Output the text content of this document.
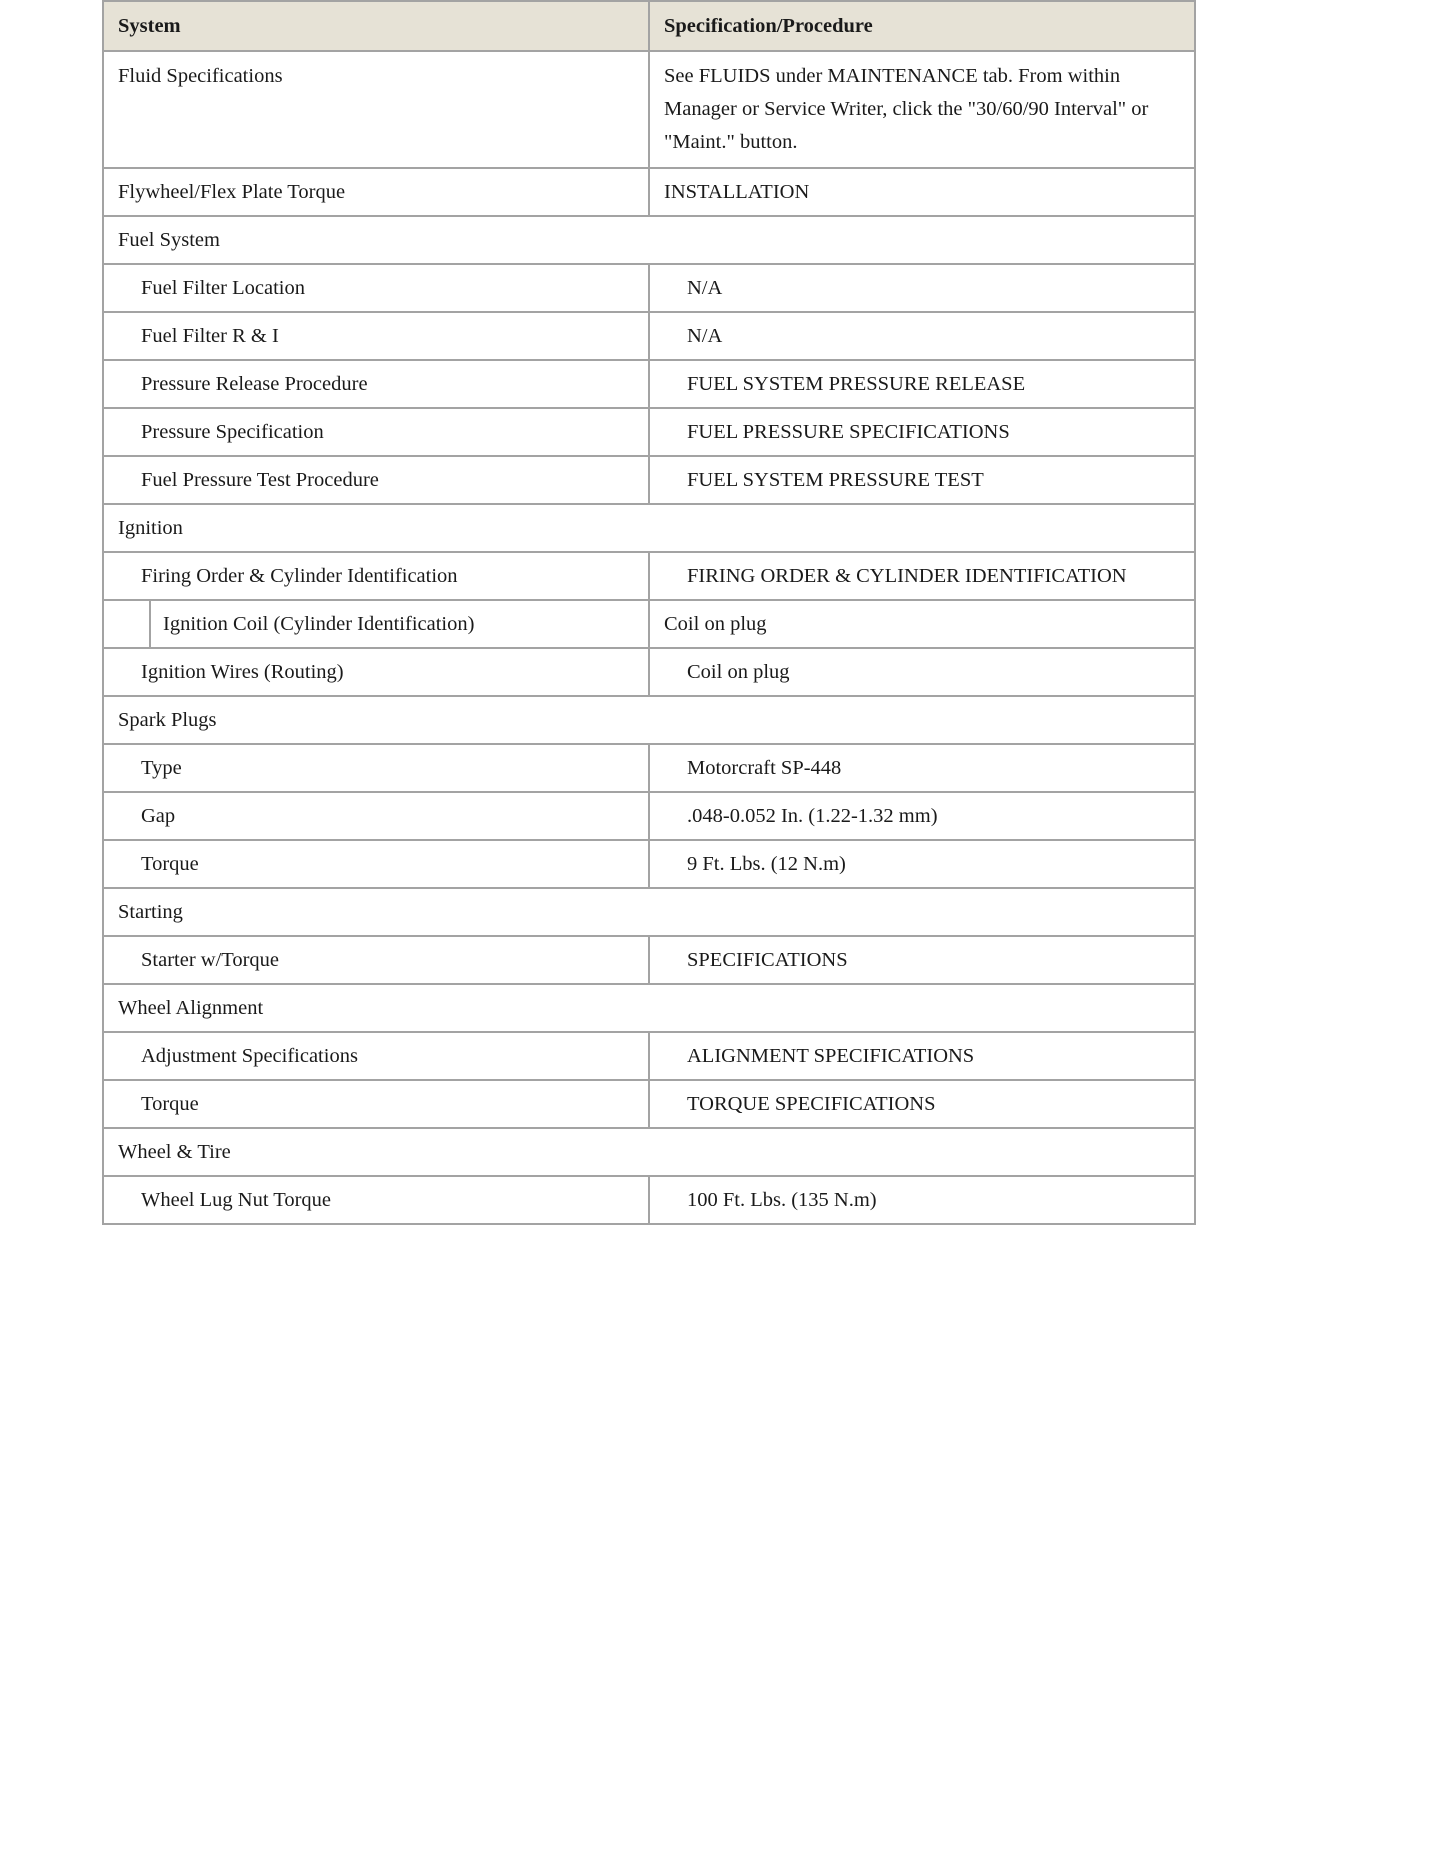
System	Specification/Procedure
Fluid Specifications	See FLUIDS under MAINTENANCE tab. From within Manager or Service Writer, click the "30/60/90 Interval" or "Maint." button.
Flywheel/Flex Plate Torque	INSTALLATION
Fuel System	
Fuel Filter Location	N/A
Fuel Filter R & I	N/A
Pressure Release Procedure	FUEL SYSTEM PRESSURE RELEASE
Pressure Specification	FUEL PRESSURE SPECIFICATIONS
Fuel Pressure Test Procedure	FUEL SYSTEM PRESSURE TEST
Ignition	
Firing Order & Cylinder Identification	FIRING ORDER & CYLINDER IDENTIFICATION

Ignition Coil (Cylinder Identification)	Coil on plug
Ignition Wires (Routing)	Coil on plug
Spark Plugs	
Type	Motorcraft SP-448
Gap	.048-0.052 In. (1.22-1.32 mm)
Torque	9 Ft. Lbs. (12 N.m)
Starting	
Starter w/Torque	SPECIFICATIONS
Wheel Alignment	
Adjustment Specifications	ALIGNMENT SPECIFICATIONS
Torque	TORQUE SPECIFICATIONS
Wheel & Tire	
Wheel Lug Nut Torque	100 Ft. Lbs. (135 N.m)
